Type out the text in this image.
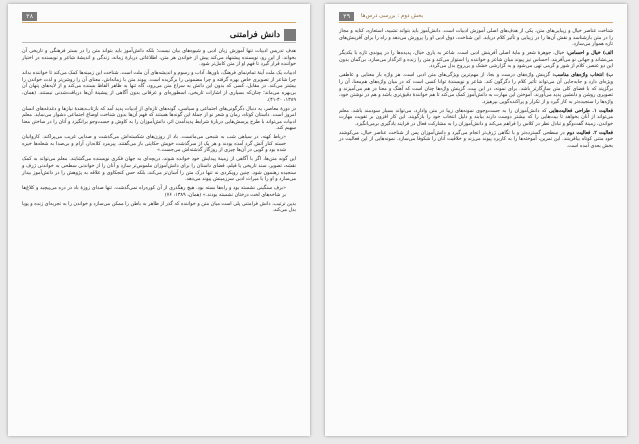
۳۸
دانش فرامتنی

هدف تدریس ادبیات تنها آموزش زبان ادبی و شیوه‌های بیان نیست؛ بلکه دانش‌آموز باید بتواند متن را در بستر فرهنگی و تاریخی آن بخواند. از این رو، نویسنده پیشنهاد می‌کند پیش از خواندن هر متن، اطلاعاتی دربارهٔ زمانه، زندگی و اندیشهٔ شاعر و نویسنده در اختیار خواننده قرار گیرد تا فهم او از متن کامل‌تر شود.

ادبیات یک ملت آینهٔ تمام‌نمای فرهنگ، باورها، آداب و رسوم و اندیشه‌های آن ملت است. شناخت این زمینه‌ها کمک می‌کند تا خواننده بداند چرا شاعر از تصویری خاص بهره گرفته و چرا مضمونی را برگزیده است. پیوند متن با زمانه‌اش، معنای آن را روشن‌تر و لذت خواندن را بیشتر می‌کند. در مقابل، کسی که بدون این دانش به سراغ متن می‌رود، گاه تنها به ظاهر الفاظ بسنده می‌کند و از لایه‌های پنهان آن بی‌بهره می‌ماند؛ چنان‌که بسیاری از اشارات تاریخی، اسطوره‌ای و عرفانی بدون آگاهی از پیشینهٔ آن‌ها دریافت‌شدنی نیستند. (همان، ۱۳۸۹: ۴۰-۴۱).

در دورهٔ معاصر، به دنبال دگرگونی‌های اجتماعی و سیاسی، گونه‌های تازه‌ای از ادبیات پدید آمد که بازتاب‌دهندهٔ نیازها و دغدغه‌های انسان امروز است. داستان کوتاه، رمان و شعر نو از جملهٔ این گونه‌ها هستند که فهم آن‌ها بدون شناخت اوضاع اجتماعی دشوار می‌نماید. معلم ادبیات می‌تواند با طرح پرسش‌هایی دربارهٔ شرایط پدیدآمدن اثر، دانش‌آموزان را به کاوش و جست‌وجو برانگیزد و آنان را در ساختن معنا سهیم کند.

«رباط کهنه، در سیاهی شب به شبحی می‌مانست. باد از روزن‌های شکسته‌اش می‌گذشت و صدایی غریب می‌پراکند. کاروانیان خسته کنار آتش گرد آمده بودند و هر یک از سرگذشت خویش حکایتی باز می‌گفتند. پیرمرد کلاه‌دار، آرام و بی‌صدا به شعله‌ها خیره شده بود و گویی در آن‌ها چیزی از روزگار گذشته‌اش می‌جست.»

این گونه متن‌ها، اگر با آگاهی از زمینهٔ پیدایش خود خوانده شوند، دریچه‌ای به جهان فکری نویسنده می‌گشایند. معلم می‌تواند به کمک نقشه، تصویر، سند تاریخی یا فیلم، فضای داستان را برای دانش‌آموزان ملموس‌تر سازد و آنان را از خواندنی سطحی به خواندنی ژرف و سنجیده رهنمون شود. چنین رویکردی نه تنها درک متن را آسان‌تر می‌کند، بلکه حس کنجکاوی و علاقه به پژوهش را در دانش‌آموز بیدار می‌سازد و او را با میراث ادبی سرزمینش پیوند می‌دهد.

«برف سنگینی نشسته بود و راه‌ها بسته بود. هیچ رهگذری از آن کوره‌راه نمی‌گذشت. تنها صدای زوزهٔ باد در دره می‌پیچید و کلاغ‌ها بر شاخه‌های لخت درختان نشسته بودند.» (همان، ۱۳۸۹: ۷۶)

بدین ترتیب، دانش فرامتنی پلی است میان متن و خواننده که گذر از ظاهر به باطن را ممکن می‌سازد و خواندن را به تجربه‌ای زنده و پویا بدل می‌کند.

۳۹	بخش دوم : بررسی درس‌ها

شناخت عناصر خیال و زیبایی‌های متن، یکی از هدف‌های اصلی آموزش ادبیات است. دانش‌آموز باید بتواند تشبیه، استعاره، کنایه و مجاز را در متن بازشناسد و نقش آن‌ها را در زیبایی و تأثیر کلام دریابد. این شناخت، ذوق ادبی او را پرورش می‌دهد و راه را برای آفرینش‌های تازه هموار می‌سازد.

الف) خیال و احساس: خیال، جوهرهٔ شعر و مایهٔ اصلی آفرینش ادبی است. شاعر به یاری خیال، پدیده‌ها را در پیوندی تازه با یکدیگر می‌نشاند و جهانی نو می‌آفریند. احساس نیز پیوند میان شاعر و خواننده را استوار می‌کند و متن را زنده و اثرگذار می‌سازد. بی‌گمان بدون این دو عنصر، کلام از شور و گرمی تهی می‌شود و به گزارشی خشک و بی‌روح بدل می‌گردد.

ب) انتخاب واژه‌های مناسب: گزینش واژه‌های درست و بجا، از مهم‌ترین ویژگی‌های متن ادبی است. هر واژه بار معنایی و عاطفی ویژه‌ای دارد و جابه‌جایی آن می‌تواند تأثیر کلام را دگرگون کند. شاعر و نویسندهٔ توانا کسی است که در میان واژه‌های هم‌معنا، آن را برگزیند که با فضای کلی متن سازگارتر باشد. برای نمونه، در این بیت، گزینش واژه‌ها چنان است که آهنگ و معنا در هم می‌آمیزند و تصویری روشن و دلنشین پدید می‌آورند. آموختن این مهارت به دانش‌آموز کمک می‌کند تا هم خوانندهٔ دقیق‌تری باشد و هم در نوشتن خود، واژه‌ها را سنجیده‌تر به کار گیرد و از تکرار و پراکنده‌گویی بپرهیزد.

فعالیت ۱. طراحی فعالیت‌هایی که دانش‌آموزان را به جست‌وجوی نمونه‌های زیبا در متن وادارد، می‌تواند بسیار سودمند باشد. معلم می‌تواند از آنان بخواهد تا بیت‌هایی را که بیشتر دوست دارند بیابند و دلیل انتخاب خود را بازگویند. این کار افزون بر تقویت مهارت خواندن، زمینهٔ گفت‌وگو و تبادل نظر در کلاس را فراهم می‌کند و دانش‌آموزان را به مشارکت فعال در فرایند یادگیری برمی‌انگیزد.

فعالیت ۲. فعالیت دوم در سطحی گسترده‌تر و با نگاهی ژرف‌تر انجام می‌گیرد و دانش‌آموزان پس از شناخت عناصر خیال، می‌کوشند خود متنی کوتاه بیافرینند. این تمرین، آموخته‌ها را به کاربرد پیوند می‌زند و خلاقیت آنان را شکوفا می‌سازد. نمونه‌هایی از این فعالیت در بخش بعدی آمده است.
